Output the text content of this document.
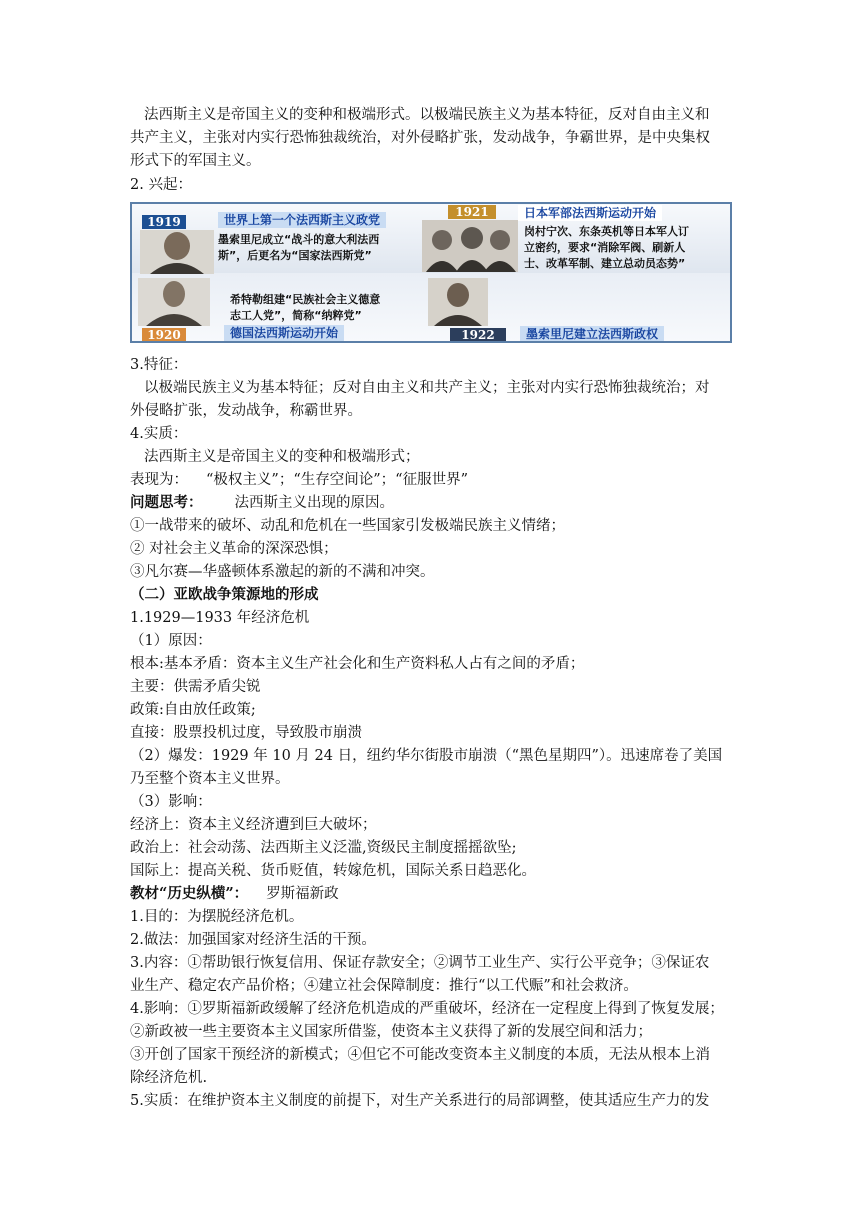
法西斯主义是帝国主义的变种和极端形式。以极端民族主义为基本特征，反对自由主义和
共产主义，主张对内实行恐怖独裁统治，对外侵略扩张，发动战争，争霸世界，是中央集权
形式下的军国主义。
2. 兴起：
1919	世界上第一个法西斯主义政党
墨索里尼成立“战斗的意大利法西
斯”，后更名为“国家法西斯党”
1921	日本军部法西斯运动开始
岗村宁次、东条英机等日本军人订
立密约，要求“消除军阀、刷新人
士、改革军制、建立总动员态势”
1920
希特勒组建“民族社会主义德意
志工人党”，简称“纳粹党”
德国法西斯运动开始	1922	墨索里尼建立法西斯政权
3.特征：
以极端民族主义为基本特征；反对自由主义和共产主义；主张对内实行恐怖独裁统治；对
外侵略扩张，发动战争，称霸世界。
4.实质：
法西斯主义是帝国主义的变种和极端形式；
表现为： “极权主义”；“生存空间论”；“征服世界”
问题思考： 法西斯主义出现的原因。
①一战带来的破坏、动乱和危机在一些国家引发极端民族主义情绪；
② 对社会主义革命的深深恐惧；
③凡尔赛—华盛顿体系激起的新的不满和冲突。
（二）亚欧战争策源地的形成
1.1929—1933 年经济危机
（1）原因：
根本:基本矛盾：资本主义生产社会化和生产资料私人占有之间的矛盾；
主要：供需矛盾尖锐
政策:自由放任政策;
直接：股票投机过度，导致股市崩溃
（2）爆发：1929 年 10 月 24 日，纽约华尔街股市崩溃（“黑色星期四”）。迅速席卷了美国
乃至整个资本主义世界。
（3）影响：
经济上：资本主义经济遭到巨大破坏；
政治上：社会动荡、法西斯主义泛滥,资级民主制度摇摇欲坠;
国际上：提高关税、货币贬值，转嫁危机，国际关系日趋恶化。
教材“历史纵横”： 罗斯福新政
1.目的：为摆脱经济危机。
2.做法：加强国家对经济生活的干预。
3.内容：①帮助银行恢复信用、保证存款安全；②调节工业生产、实行公平竞争；③保证农
业生产、稳定农产品价格；④建立社会保障制度：推行“以工代赈”和社会救济。
4.影响：①罗斯福新政缓解了经济危机造成的严重破坏，经济在一定程度上得到了恢复发展；
②新政被一些主要资本主义国家所借鉴，使资本主义获得了新的发展空间和活力；
③开创了国家干预经济的新模式；④但它不可能改变资本主义制度的本质，无法从根本上消
除经济危机.
5.实质：在维护资本主义制度的前提下，对生产关系进行的局部调整，使其适应生产力的发
